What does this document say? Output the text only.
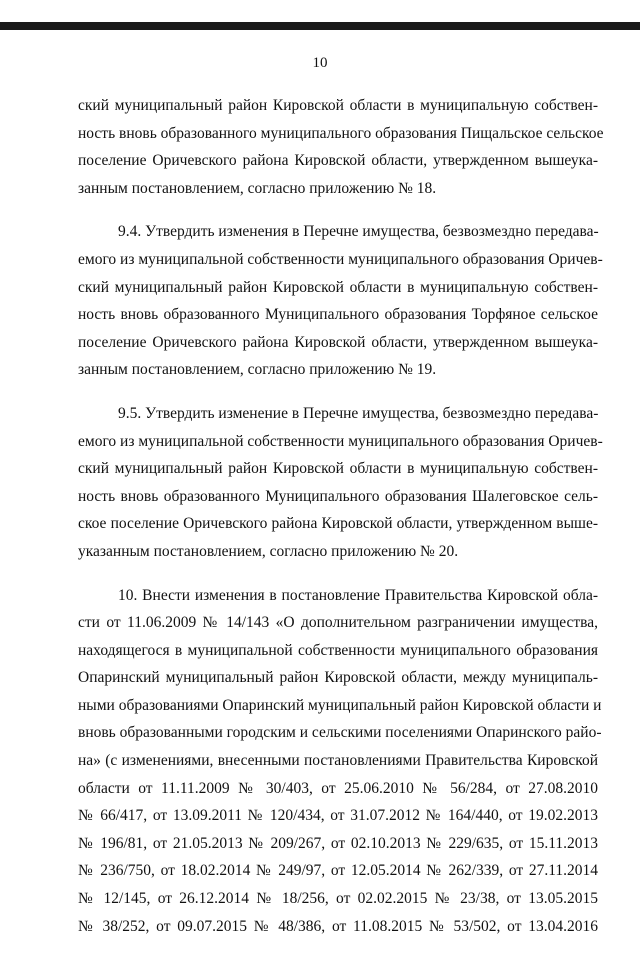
10
ский муниципальный район Кировской области в муниципальную собствен-
ность вновь образованного муниципального образования Пищальское сельское
поселение Оричевского района Кировской области, утвержденном вышеука-
занным постановлением, согласно приложению № 18.
9.4. Утвердить изменения в Перечне имущества, безвозмездно передава-
емого из муниципальной собственности муниципального образования Оричев-
ский муниципальный район Кировской области в муниципальную собствен-
ность вновь образованного Муниципального образования Торфяное сельское
поселение Оричевского района Кировской области, утвержденном вышеука-
занным постановлением, согласно приложению № 19.
9.5. Утвердить изменение в Перечне имущества, безвозмездно передава-
емого из муниципальной собственности муниципального образования Оричев-
ский муниципальный район Кировской области в муниципальную собствен-
ность вновь образованного Муниципального образования Шалеговское сель-
ское поселение Оричевского района Кировской области, утвержденном выше-
указанным постановлением, согласно приложению № 20.
10. Внести изменения в постановление Правительства Кировской обла-
сти от 11.06.2009 № 14/143 «О дополнительном разграничении имущества,
находящегося в муниципальной собственности муниципального образования
Опаринский муниципальный район Кировской области, между муниципаль-
ными образованиями Опаринский муниципальный район Кировской области и
вновь образованными городским и сельскими поселениями Опаринского райо-
на» (с изменениями, внесенными постановлениями Правительства Кировской
области от 11.11.2009 № 30/403, от 25.06.2010 № 56/284, от 27.08.2010
№ 66/417, от 13.09.2011 № 120/434, от 31.07.2012 № 164/440, от 19.02.2013
№ 196/81, от 21.05.2013 № 209/267, от 02.10.2013 № 229/635, от 15.11.2013
№ 236/750, от 18.02.2014 № 249/97, от 12.05.2014 № 262/339, от 27.11.2014
№ 12/145, от 26.12.2014 № 18/256, от 02.02.2015 № 23/38, от 13.05.2015
№ 38/252, от 09.07.2015 № 48/386, от 11.08.2015 № 53/502, от 13.04.2016
